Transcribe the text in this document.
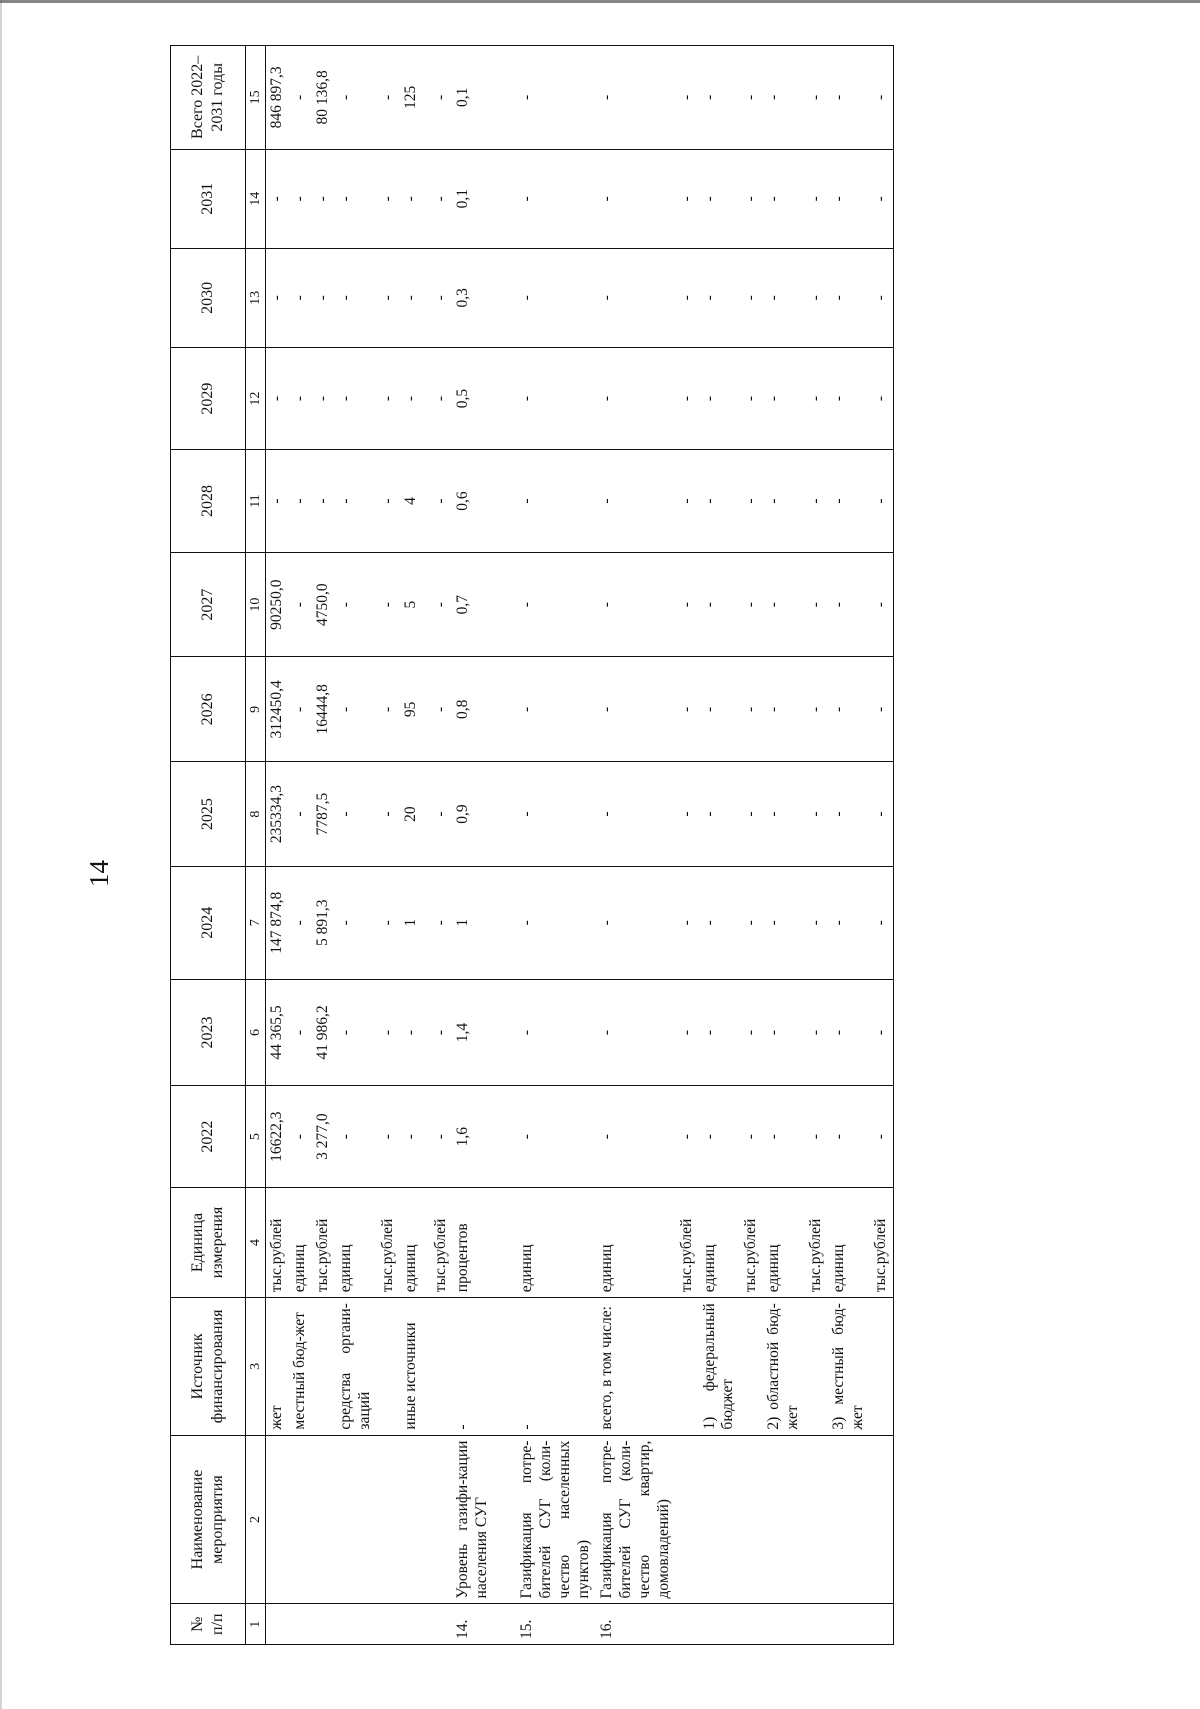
14
№ п/п	Наименование мероприятия	Источник финансирования	Единица измерения	2022	2023	2024	2025	2026	2027	2028	2029	2030	2031	Всего 2022–2031 годы
1	2	3	4	5	6	7	8	9	10	11	12	13	14	15
		жет	тыс.рублей	16622,3	44 365,5	147 874,8	235334,3	312450,4	90250,0	-	-	-	-	846 897,3
		местный бюд-жет	единиц	-	-	-	-	-	-	-	-	-	-	-
			тыс.рублей	3 277,0	41 986,2	5 891,3	7787,5	16444,8	4750,0	-	-	-	-	80 136,8
		средства органи-заций	единиц	-	-	-	-	-	-	-	-	-	-	-
			тыс.рублей	-	-	-	-	-	-	-	-	-	-	-
		иные источники	единиц	-	-	1	20	95	5	4	-	-	-	125
			тыс.рублей	-	-	-	-	-	-	-	-	-	-	-
14.	Уровень газифи-кации населения СУГ	-	процентов	1,6	1,4	1	0,9	0,8	0,7	0,6	0,5	0,3	0,1	0,1
15.	Газификация потре-бителей СУГ (коли-чество населенных пунктов)	-	единиц	-	-	-	-	-	-	-	-	-	-	-
16.	Газификация потре-бителей СУГ (коли-чество квартир, домовладений)	всего, в том числе:	единиц	-	-	-	-	-	-	-	-	-	-	-
			тыс.рублей	-	-	-	-	-	-	-	-	-	-	-
		1) федеральный бюджет	единиц	-	-	-	-	-	-	-	-	-	-	-
			тыс.рублей	-	-	-	-	-	-	-	-	-	-	-
		2) областной бюд-жет	единиц	-	-	-	-	-	-	-	-	-	-	-
			тыс.рублей	-	-	-	-	-	-	-	-	-	-	-
		3) местный бюд-жет	единиц	-	-	-	-	-	-	-	-	-	-	-
			тыс.рублей	-	-	-	-	-	-	-	-	-	-	-
